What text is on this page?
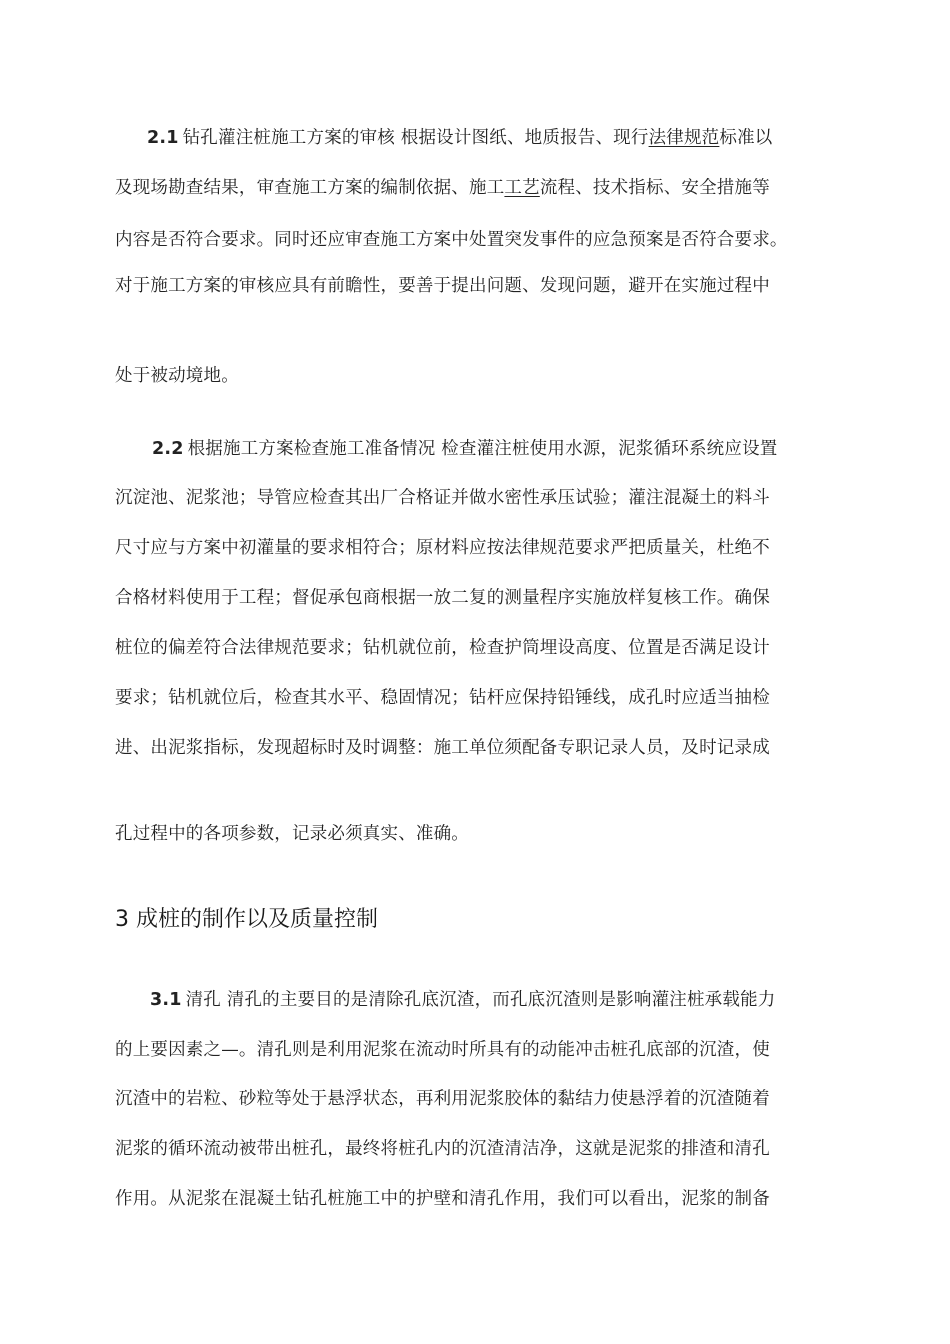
2.1 钻孔灌注桩施工方案的审核 根据设计图纸、地质报告、现行法律规范标准以
及现场勘查结果，审查施工方案的编制依据、施工工艺流程、技术指标、安全措施等
内容是否符合要求。同时还应审查施工方案中处置突发事件的应急预案是否符合要求。
对于施工方案的审核应具有前瞻性，要善于提出问题、发现问题，避开在实施过程中
处于被动境地。
2.2 根据施工方案检查施工准备情况 检查灌注桩使用水源，泥浆循环系统应设置
沉淀池、泥浆池；导管应检查其出厂合格证并做水密性承压试验；灌注混凝土的料斗
尺寸应与方案中初灌量的要求相符合；原材料应按法律规范要求严把质量关，杜绝不
合格材料使用于工程；督促承包商根据一放二复的测量程序实施放样复核工作。确保
桩位的偏差符合法律规范要求；钻机就位前，检查护筒埋设高度、位置是否满足设计
要求；钻机就位后，检查其水平、稳固情况；钻杆应保持铅锤线，成孔时应适当抽检
进、出泥浆指标，发现超标时及时调整：施工单位须配备专职记录人员，及时记录成
孔过程中的各项参数，记录必须真实、准确。
3 成桩的制作以及质量控制
3.1 清孔 清孔的主要目的是清除孔底沉渣，而孔底沉渣则是影响灌注桩承载能力
的上要因素之—。清孔则是利用泥浆在流动时所具有的动能冲击桩孔底部的沉渣，使
沉渣中的岩粒、砂粒等处于悬浮状态，再利用泥浆胶体的黏结力使悬浮着的沉渣随着
泥浆的循环流动被带出桩孔，最终将桩孔内的沉渣清洁净，这就是泥浆的排渣和清孔
作用。从泥浆在混凝土钻孔桩施工中的护壁和清孔作用，我们可以看出，泥浆的制备
